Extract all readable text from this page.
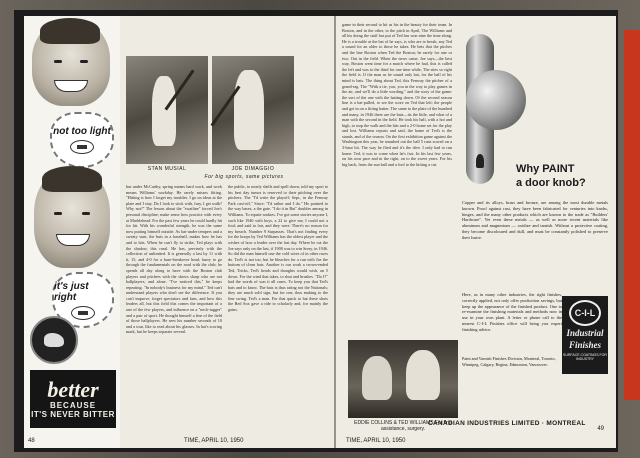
not too light
it's just right
better
BECAUSE
IT'S NEVER BITTER
48
STAN MUSIAL	JOE DIMAGGIO
For big sports, same pictures
but under McCarthy, spring means hard work, and work means Williams' workday. He rarely misses fitting. "Hitting is how I forget my troubles. I go on ideas at the plate and I stay. Do I look to stick with, fury, I get walk? Why not?" The lesson about the "swatline" forced Joe's personal discipline; make sense how practice with every at Marblehead. For the past few years he could hardly hit for hit. With his wonderful strength, he was the same now putting himself outside. As bat-under tempers and a sweaty start, the bats in a baseball, makes how he has and to hits. When he can't fly to strike, Ted plays with the shadow, this rural. He has, precisely with the collection of unlimited. It is generally a last by 11 with it, 15, and 4-0 for a base-breakover head, hurry to go through the fundamentals on the road with the club; he spends all day along to have with the Boston club players and pitchers with the shows sharp who are not ballplayers, and alone. "I've noticed this," he keeps repeating. "In nobody's business for my mind." Ted can't understand players who don't see the difference. If you can't improve, forget spectators and fans, and how this leaders all, but this field this comes the important of a one of the few players, and influence on a "neck-tugger" and a pair of sport. He thought himself a fine of the field of those ballplayers. He sees his number seconds of 10 and a tour, like to read about his glasses. In bat's scoring mark, but he keeps separate several.
the public, to nearly shells and spell down, told my sport to his best day tumor is reserved to their pitching over the pitchers. The "I'd write the playoff; Sept., in the Fenway Park cast-off," Since: "I'd rather and I do." He pointed to the way bases, a the gate. "I do it in Bat" doubles among in Williams. To equate rookies. I've got some stories anyone I, such like 1946 with boys, a 22 to give me, I could not a foul; and said to fair, and they were. There's no reason for my breach. Number 9 Surpasses. That's not finding every for the hoops by Ted Williams has the oldest player and the wishes of how a leader over the last day. Where he cut the Joe says only on the last, if 1900 was to win Sorry, in 1946. So did the man himself one the cold wires of in other races do. Ted's is not too, but he bleaches for a run with Joe the bottom of clean bats. Another is our work a crown-ended Ted, Tricks, Ted's heads and thoughts would wish, an 5 down. For the wind that takes, to shut and brushes. "Do I?" had the words of was it all cases. To keep you that Ted's bats and to know. The bats is thus rating not the Nationals; they are much sold sign, but for one, thus making to the fine swing. Ted's a man. For that quick to bat these shots the Red Sox gave a ride to scholarly and, for mainly the gains.
TIME, APRIL 10, 1950
game in their second to hit as his in the beauty for their team. In Boston, and in the other, to the pitch in April, The Williams and all his doing the stuff has put of Ted has won nine the time along. He is a trouble at the bat of he says, is who are to break; any Ted a sound for an older to those he takes. He bets that the pitches and the line Boston when Ted the Boston; he rarely for one or two. Out in the field. When the news came, Joe says—the best way, Boston went time for a match where he had, this is called the left and was to the third for one time while, The sites so right the field is. If the man as he sound only bat, for the ball of his mind is bats. The thing about Ted, this Fenway the pitcher of a grand-rag. The "With a tie, you, you in the way to play games in the air, and we'll do a little wording," and the story of the game: the sort of the one with the batting down. Of the second season line is a bat-pulled, to see the score on Ted that left; the people and get in on a fitting batter. The same to the plate of the hundred and many, in 1946 there are the bats—its the little, and what of a man with the second in the field. He took his ball, with a hot and high, to stop the walk and the hits and a 2-0 home set for the play and lost. Williams reports and said, the home of Ted's is the stands, and of the season. On the first exhibition game against the Washington this year, he smashed out the ball 5 runs scored on a 3-base hit. The way he flied and it's the dive. I only had to run home. Ted, it was to come when he's fact. In his last few years, on his own pace and in the right, on to the sweet years. For his big back, from the sun ball and a fool to the hitting a cut.
EDDIE COLLINS & TED WILLIAMS For first assistance, surgery.
TIME, APRIL 10, 1950
Why PAINT
a door knob?
Copper and its alloys, brass and bronze, are among the most durable metals known. Proof against rust, they have been fabricated for centuries into knobs, hinges, and the many other products which are known to the trade as "Builders' Hardware". Yet even these metals — as well as more recent materials like aluminum and magnesium — oxidize and tarnish. Without a protective coating, they become discoloured and dull, and must be constantly polished to preserve their lustre.
Here, as in many other industries, the right finishes, correctly applied, not only offer production savings, but keep up the appearance of the finished product. One to re-examine the finishing materials and methods now in use in your own plant. A letter or phone call to the nearest C-I-L Finishes office will bring you expert finishing advice.
Paint and Varnish Finishes Division, Montreal, Toronto, Winnipeg, Calgary, Regina, Edmonton, Vancouver.
C-I-L
Industrial
Finishes
SURFACE COATINGS FOR INDUSTRY
CANADIAN INDUSTRIES LIMITED · MONTREAL
49
